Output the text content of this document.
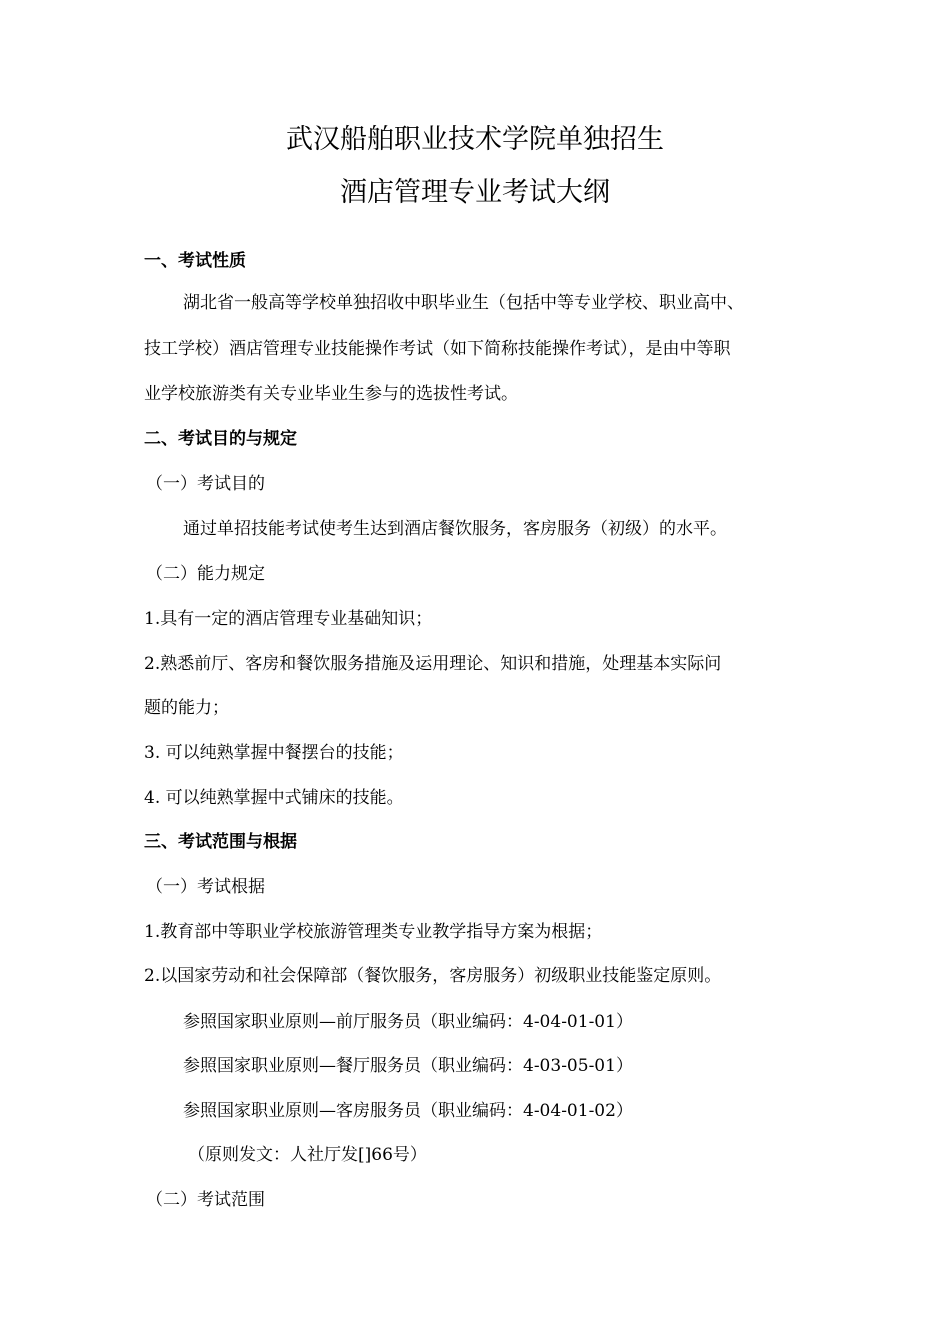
武汉船舶职业技术学院单独招生
酒店管理专业考试大纲
一、考试性质
湖北省一般高等学校单独招收中职毕业生（包括中等专业学校、职业高中、
技工学校）酒店管理专业技能操作考试（如下简称技能操作考试），是由中等职
业学校旅游类有关专业毕业生参与的选拔性考试。
二、考试目的与规定
（一）考试目的
通过单招技能考试使考生达到酒店餐饮服务，客房服务（初级）的水平。
（二）能力规定
1.具有一定的酒店管理专业基础知识；
2.熟悉前厅、客房和餐饮服务措施及运用理论、知识和措施，处理基本实际问
题的能力；
3. 可以纯熟掌握中餐摆台的技能；
4. 可以纯熟掌握中式铺床的技能。
三、考试范围与根据
（一）考试根据
1.教育部中等职业学校旅游管理类专业教学指导方案为根据；
2.以国家劳动和社会保障部（餐饮服务，客房服务）初级职业技能鉴定原则。
参照国家职业原则—前厅服务员（职业编码：4-04-01-01）
参照国家职业原则—餐厅服务员（职业编码：4-03-05-01）
参照国家职业原则—客房服务员（职业编码：4-04-01-02）
（原则发文：人社厅发[]66号）
（二）考试范围
